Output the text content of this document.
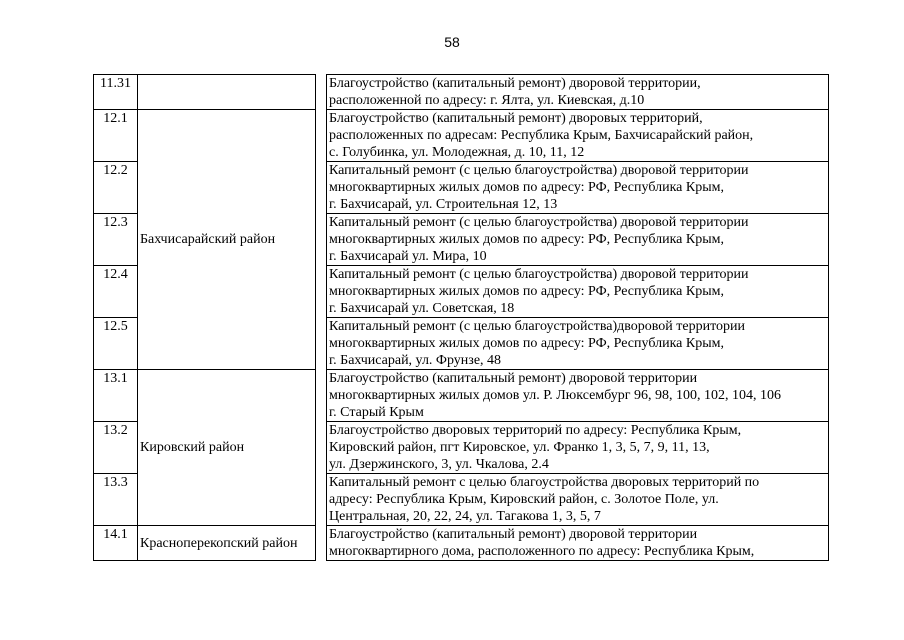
58
11.31			Благоустройство (капитальный ремонт) дворовой территории,
расположенной по адресу: г. Ялта, ул. Киевская, д.10

12.1	Бахчисарайский район		Благоустройство (капитальный ремонт) дворовых территорий,
расположенных по адресам: Республика Крым, Бахчисарайский район,
с. Голубинка, ул. Молодежная, д. 10, 11, 12

12.2			Капитальный ремонт (с целью благоустройства) дворовой территории
многоквартирных жилых домов по адресу: РФ, Республика Крым,
г. Бахчисарай, ул. Строительная 12, 13

12.3			Капитальный ремонт (с целью благоустройства) дворовой территории
многоквартирных жилых домов по адресу: РФ, Республика Крым,
г. Бахчисарай ул. Мира, 10

12.4			Капитальный ремонт (с целью благоустройства) дворовой территории
многоквартирных жилых домов по адресу: РФ, Республика Крым,
г. Бахчисарай ул. Советская, 18

12.5			Капитальный ремонт (с целью благоустройства)дворовой территории
многоквартирных жилых домов по адресу: РФ, Республика Крым,
г. Бахчисарай, ул. Фрунзе, 48

13.1	Кировский район		Благоустройство (капитальный ремонт) дворовой территории
многоквартирных жилых домов ул. Р. Люксембург 96, 98, 100, 102, 104, 106
г. Старый Крым

13.2			Благоустройство дворовых территорий по адресу: Республика Крым,
Кировский район, пгт Кировское, ул. Франко 1, 3, 5, 7, 9, 11, 13,
ул. Дзержинского, 3, ул. Чкалова, 2.4

13.3			Капитальный ремонт с целью благоустройства дворовых территорий по
адресу: Республика Крым, Кировский район, с. Золотое Поле, ул.
Центральная, 20, 22, 24, ул. Тагакова 1, 3, 5, 7

14.1	Красноперекопский район		Благоустройство (капитальный ремонт) дворовой территории
многоквартирного дома, расположенного по адресу: Республика Крым,
